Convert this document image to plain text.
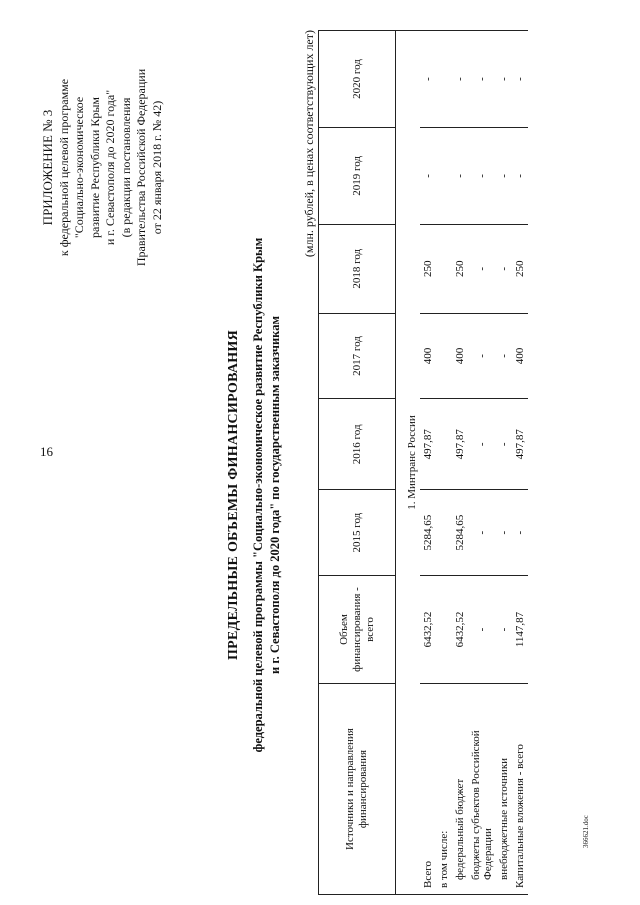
16
366621.doc
ПРИЛОЖЕНИЕ № 3 к федеральной целевой программе "Социально-экономическое развитие Республики Крым и г. Севастополя до 2020 года" (в редакции постановления Правительства Российской Федерации от 22 января 2018 г. № 42)
ПРЕДЕЛЬНЫЕ ОБЪЕМЫ ФИНАНСИРОВАНИЯ федеральной целевой программы "Социально-экономическое развитие Республики Крым и г. Севастополя до 2020 года" по государственным заказчикам
(млн. рублей, в ценах соответствующих лет)
Источники и направления финансирования	Объем финансирования - всего	2015 год	2016 год	2017 год	2018 год	2019 год	2020 год
1. Минтранс России							
Всего	6432,52	5284,65	497,87	400	250	-	-
в том числе:							
федеральный бюджет	6432,52	5284,65	497,87	400	250	-	-
бюджеты субъектов Российской Федерации	-	-	-	-	-	-	-
внебюджетные источники	-	-	-	-	-	-	-
Капитальные вложения - всего	1147,87	-	497,87	400	250	-	-
